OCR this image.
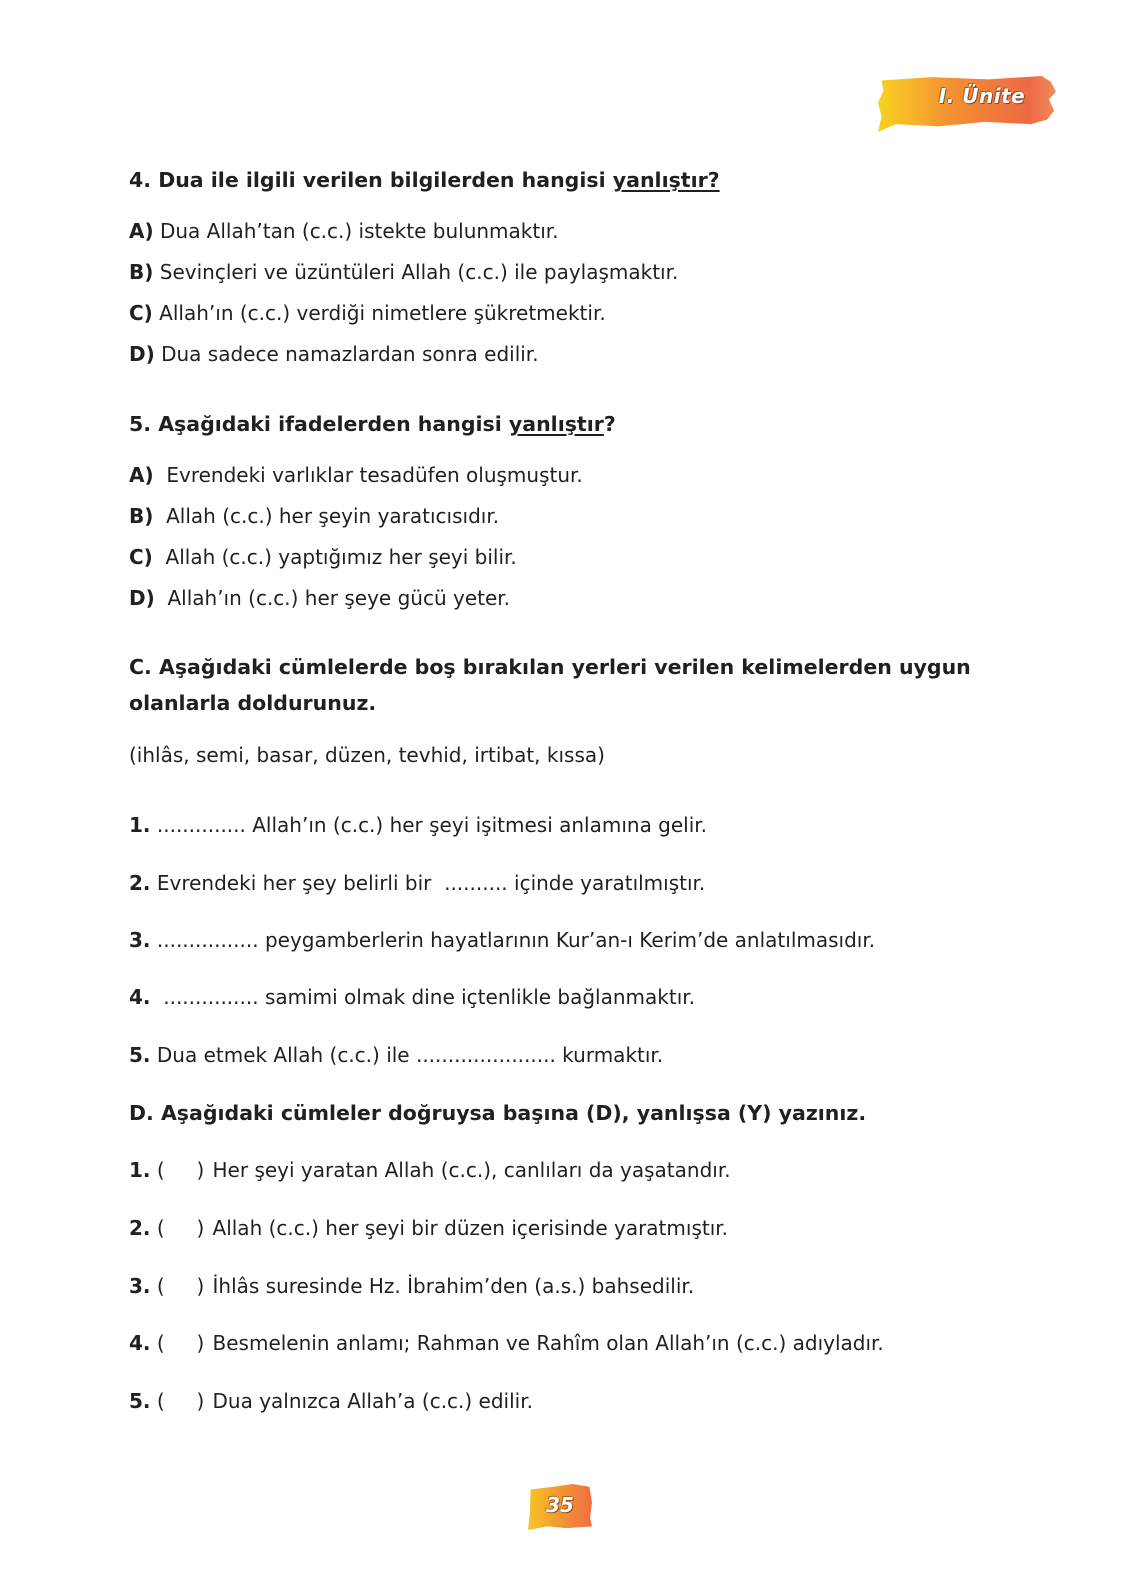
I. Ünite
4. Dua ile ilgili verilen bilgilerden hangisi yanlıştır?
A) Dua Allah’tan (c.c.) istekte bulunmaktır.
B) Sevinçleri ve üzüntüleri Allah (c.c.) ile paylaşmaktır.
C) Allah’ın (c.c.) verdiği nimetlere şükretmektir.
D) Dua sadece namazlardan sonra edilir.
5. Aşağıdaki ifadelerden hangisi yanlıştır?
A)  Evrendeki varlıklar tesadüfen oluşmuştur.
B)  Allah (c.c.) her şeyin yaratıcısıdır.
C)  Allah (c.c.) yaptığımız her şeyi bilir.
D)  Allah’ın (c.c.) her şeye gücü yeter.
C. Aşağıdaki cümlelerde boş bırakılan yerleri verilen kelimelerden uygun
olanlarla doldurunuz.
(ihlâs, semi, basar, düzen, tevhid, irtibat, kıssa)
1. .............. Allah’ın (c.c.) her şeyi işitmesi anlamına gelir.
2. Evrendeki her şey belirli bir  .......... içinde yaratılmıştır.
3. ................ peygamberlerin hayatlarının Kur’an-ı Kerim’de anlatılmasıdır.
4.  ............... samimi olmak dine içtenlikle bağlanmaktır.
5. Dua etmek Allah (c.c.) ile ...................... kurmaktır.
D. Aşağıdaki cümleler doğruysa başına (D), yanlışsa (Y) yazınız.
1. (     ) Her şeyi yaratan Allah (c.c.), canlıları da yaşatandır.
2. (     ) Allah (c.c.) her şeyi bir düzen içerisinde yaratmıştır.
3. (     ) İhlâs suresinde Hz. İbrahim’den (a.s.) bahsedilir.
4. (     ) Besmelenin anlamı; Rahman ve Rahîm olan Allah’ın (c.c.) adıyladır.
5. (     ) Dua yalnızca Allah’a (c.c.) edilir.
35
